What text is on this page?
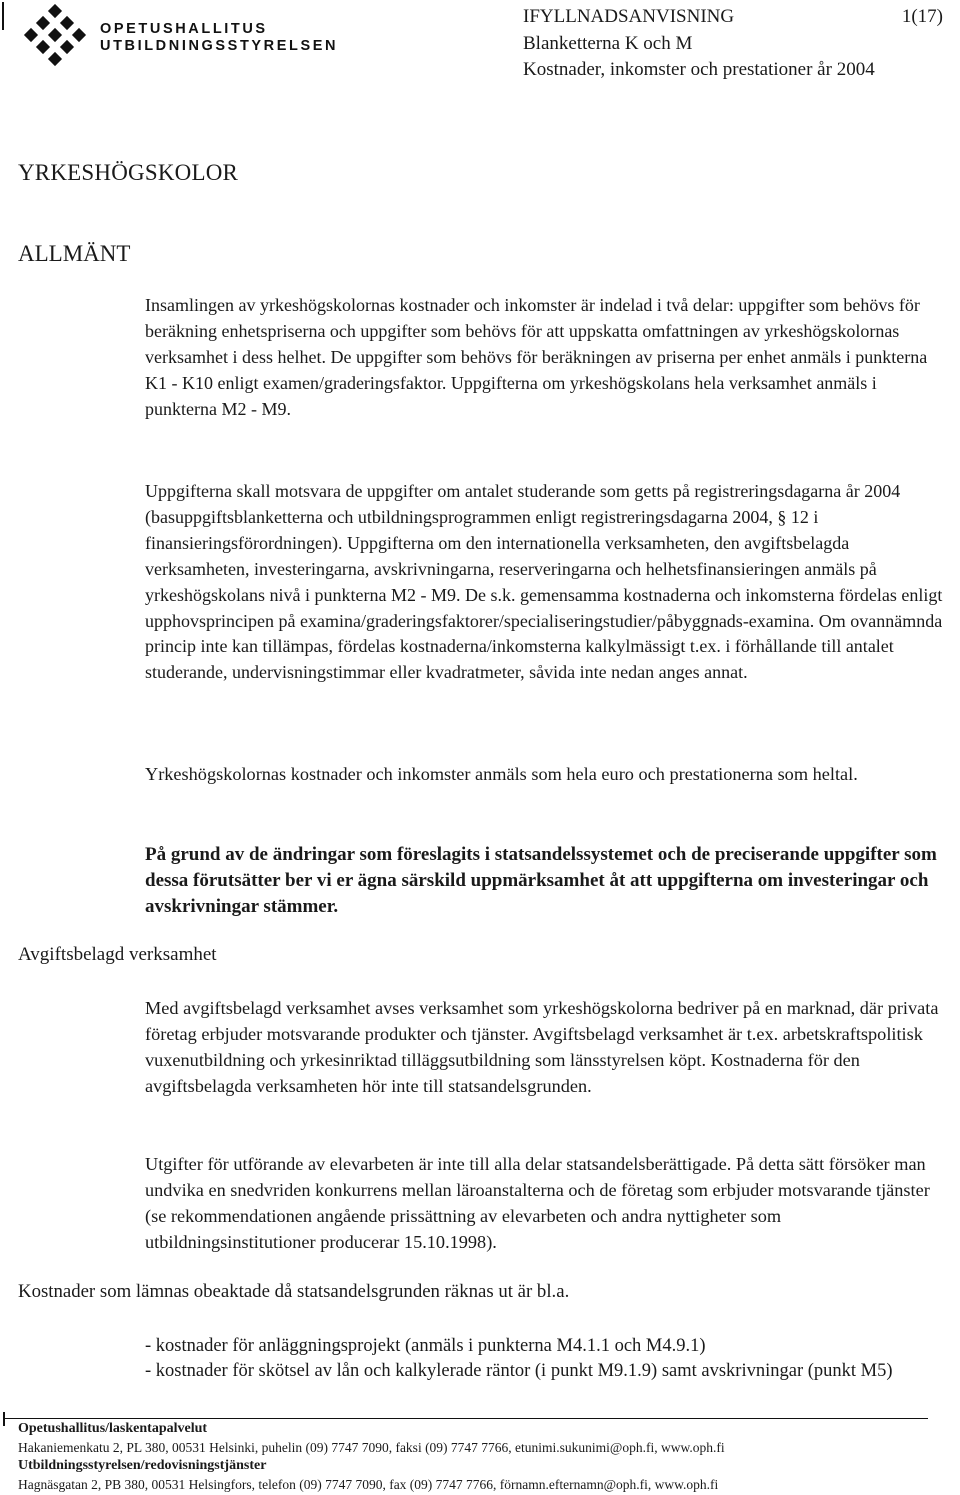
OPETUSHALLITUS
UTBILDNINGSSTYRELSEN
IFYLLNADSANVISNING	1(17)
Blanketterna K och M
Kostnader, inkomster och prestationer år 2004
YRKESHÖGSKOLOR
ALLMÄNT
Insamlingen av yrkeshögskolornas kostnader och inkomster är indelad i två delar: uppgifter som behövs för beräkning enhetspriserna och uppgifter som behövs för att uppskatta omfattningen av yrkeshögskolornas verksamhet i dess helhet. De uppgifter som behövs för beräkningen av priserna per enhet anmäls i punkterna K1 - K10 enligt examen/graderingsfaktor. Uppgifterna om yrkeshögskolans hela verksamhet anmäls i punkterna M2 - M9.
Uppgifterna skall motsvara de uppgifter om antalet studerande som getts på registreringsdagarna år 2004 (basuppgiftsblanketterna och utbildningsprogrammen enligt registreringsdagarna 2004, § 12 i finansieringsförordningen). Uppgifterna om den internationella verksamheten, den avgiftsbelagda verksamheten, investeringarna, avskrivningarna, reserveringarna och helhetsfinansieringen anmäls på yrkeshögskolans nivå i punkterna M2 - M9. De s.k. gemensamma kostnaderna och inkomsterna fördelas enligt upphovsprincipen på examina/graderingsfaktorer/specialiseringstudier/påbyggnads-examina. Om ovannämnda princip inte kan tillämpas, fördelas kostnaderna/inkomsterna kalkylmässigt t.ex. i förhållande till antalet studerande, undervisningstimmar eller kvadratmeter, såvida inte nedan anges annat.
Yrkeshögskolornas kostnader och inkomster anmäls som hela euro och prestationerna som heltal.
På grund av de ändringar som föreslagits i statsandelssystemet och de preciserande uppgifter som dessa förutsätter ber vi er ägna särskild uppmärksamhet åt att uppgifterna om investeringar och avskrivningar stämmer.
Avgiftsbelagd verksamhet
Med avgiftsbelagd verksamhet avses verksamhet som yrkeshögskolorna bedriver på en marknad, där privata företag erbjuder motsvarande produkter och tjänster. Avgiftsbelagd verksamhet är t.ex. arbetskraftspolitisk vuxenutbildning och yrkesinriktad tilläggsutbildning som länsstyrelsen köpt. Kostnaderna för den avgiftsbelagda verksamheten hör inte till statsandelsgrunden.
Utgifter för utförande av elevarbeten är inte till alla delar statsandelsberättigade. På detta sätt försöker man undvika en snedvriden konkurrens mellan läroanstalterna och de företag som erbjuder motsvarande tjänster (se rekommendationen angående prissättning av elevarbeten och andra nyttigheter som utbildningsinstitutioner producerar 15.10.1998).
Kostnader som lämnas obeaktade då statsandelsgrunden räknas ut är bl.a.
- kostnader för anläggningsprojekt (anmäls i punkterna M4.1.1 och M4.9.1)
- kostnader för skötsel av lån och kalkylerade räntor (i punkt M9.1.9) samt avskrivningar (punkt M5)
Opetushallitus/laskentapalvelut
Hakaniemenkatu 2, PL 380, 00531 Helsinki, puhelin (09) 7747 7090, faksi (09) 7747 7766, etunimi.sukunimi@oph.fi, www.oph.fi
Utbildningsstyrelsen/redovisningstjänster
Hagnäsgatan 2, PB 380, 00531 Helsingfors, telefon (09) 7747 7090, fax (09) 7747 7766, förnamn.efternamn@oph.fi, www.oph.fi
